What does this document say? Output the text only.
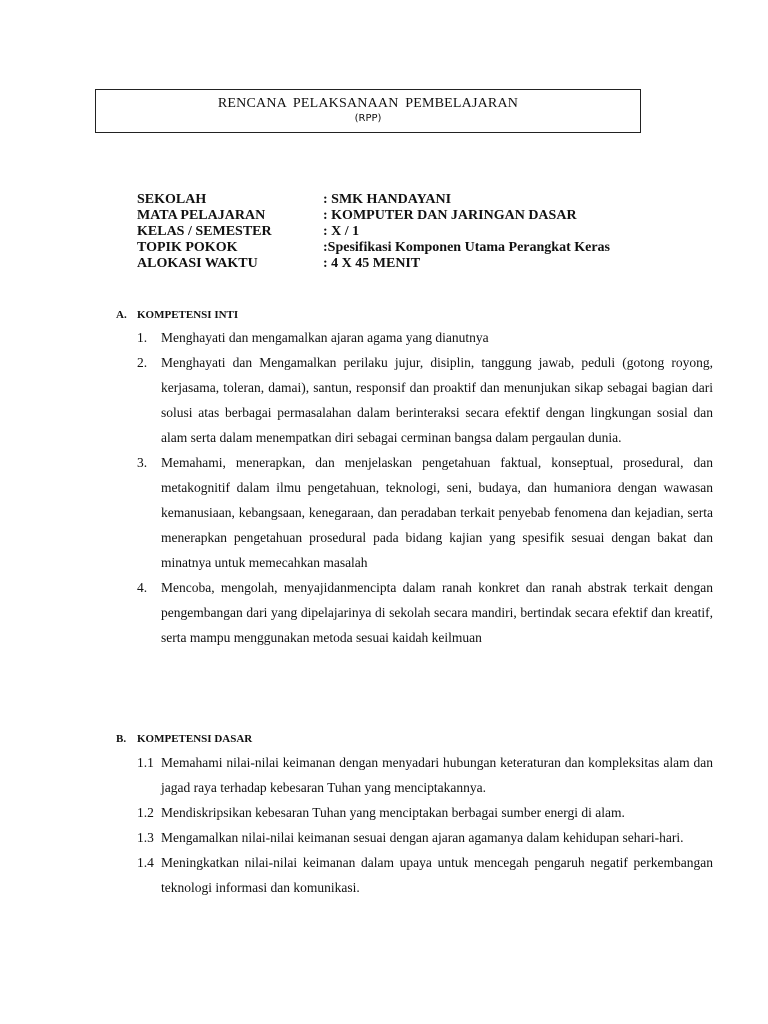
RENCANA PELAKSANAAN PEMBELAJARAN
(RPP)
SEKOLAH	: SMK HANDAYANI
MATA PELAJARAN	: KOMPUTER DAN JARINGAN DASAR
KELAS / SEMESTER	: X / 1
TOPIK POKOK	:Spesifikasi Komponen Utama Perangkat Keras
ALOKASI WAKTU	: 4 X 45 MENIT
A. KOMPETENSI INTI
1.	Menghayati dan mengamalkan ajaran agama yang dianutnya
2.	Menghayati dan Mengamalkan perilaku jujur, disiplin, tanggung jawab, peduli (gotong royong, kerjasama, toleran, damai), santun, responsif dan proaktif dan menunjukan sikap sebagai bagian dari solusi atas berbagai permasalahan dalam berinteraksi secara efektif dengan lingkungan sosial dan alam serta dalam menempatkan diri sebagai cerminan bangsa dalam pergaulan dunia.
3.	Memahami, menerapkan, dan menjelaskan pengetahuan faktual, konseptual, prosedural, dan metakognitif dalam ilmu pengetahuan, teknologi, seni, budaya, dan humaniora dengan wawasan kemanusiaan, kebangsaan, kenegaraan, dan peradaban terkait penyebab fenomena dan kejadian, serta menerapkan pengetahuan prosedural pada bidang kajian yang spesifik sesuai dengan bakat dan minatnya untuk memecahkan masalah
4.	Mencoba, mengolah, menyajidanmencipta dalam ranah konkret dan ranah abstrak terkait dengan pengembangan dari yang dipelajarinya di sekolah secara mandiri, bertindak secara efektif dan kreatif, serta mampu menggunakan metoda sesuai kaidah keilmuan
B. KOMPETENSI DASAR
1.1 Memahami nilai-nilai keimanan dengan menyadari hubungan keteraturan dan kompleksitas alam dan jagad raya terhadap kebesaran Tuhan yang menciptakannya.
1.2 Mendiskripsikan kebesaran Tuhan yang menciptakan berbagai sumber energi di alam.
1.3 Mengamalkan nilai-nilai keimanan sesuai dengan ajaran agamanya dalam kehidupan sehari-hari.
1.4 Meningkatkan nilai-nilai keimanan dalam upaya untuk mencegah pengaruh negatif perkembangan teknologi informasi dan komunikasi.
